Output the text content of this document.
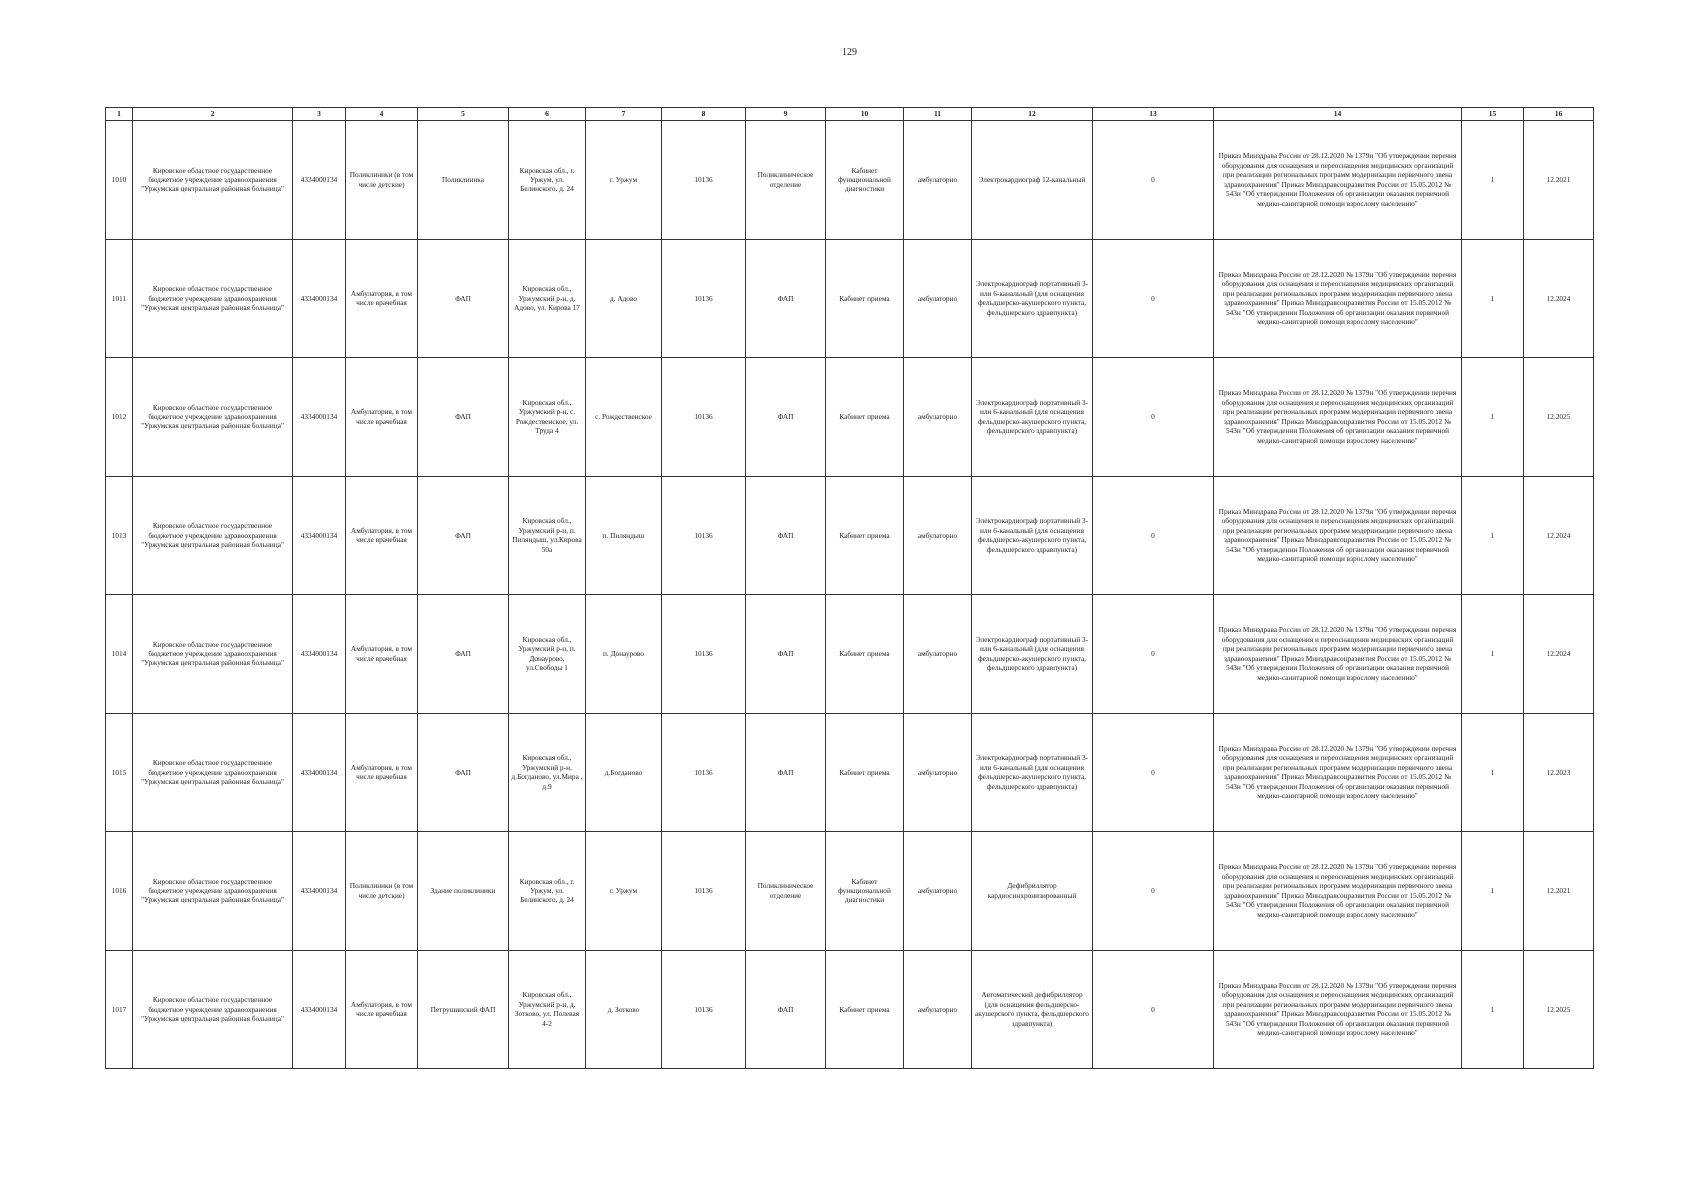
129
1	2	3	4	5	6	7	8	9	10	11	12	13	14	15	16
1010	Кировское областное государственное бюджетное учреждение здравоохранения "Уржумская центральная районная больница"	4334000134	Поликлиники (в том числе детские)	Поликлиника	Кировская обл., г. Уржум, ул. Белинского, д. 24	г. Уржум	10136	Поликлиническое отделение	Кабинет функциональной диагностики	амбулаторно	Электрокардиограф 12-канальный	0	Приказ Минздрава России от 28.12.2020 № 1379н "Об утверждении перечня оборудования для оснащения и переоснащения медицинских организаций при реализации региональных программ модернизации первичного звена здравоохранения" Приказ Минздравсоцразвития России от 15.05.2012 № 543н "Об утверждении Положения об организации оказания первичной медико-санитарной помощи взрослому населению"	1	12.2021
1011	Кировское областное государственное бюджетное учреждение здравоохранения "Уржумская центральная районная больница"	4334000134	Амбулатория, в том числе врачебная	ФАП	Кировская обл., Уржумский р-н, д. Адово, ул. Кирова 17	д. Адово	10136	ФАП	Кабинет приема	амбулаторно	Электрокардиограф портативный 3- или 6-канальный (для оснащения фельдшерско-акушерского пункта, фельдшерского здравпункта)	0	Приказ Минздрава России от 28.12.2020 № 1379н "Об утверждении перечня оборудования для оснащения и переоснащения медицинских организаций при реализации региональных программ модернизации первичного звена здравоохранения" Приказ Минздравсоцразвития России от 15.05.2012 № 543н "Об утверждении Положения об организации оказания первичной медико-санитарной помощи взрослому населению"	1	12.2024
1012	Кировское областное государственное бюджетное учреждение здравоохранения "Уржумская центральная районная больница"	4334000134	Амбулатория, в том числе врачебная	ФАП	Кировская обл., Уржумский р-н, с. Рождественское, ул. Труда 4	с. Рождественское	10136	ФАП	Кабинет приема	амбулаторно	Электрокардиограф портативный 3- или 6-канальный (для оснащения фельдшерско-акушерского пункта, фельдшерского здравпункта)	0	Приказ Минздрава России от 28.12.2020 № 1379н "Об утверждении перечня оборудования для оснащения и переоснащения медицинских организаций при реализации региональных программ модернизации первичного звена здравоохранения" Приказ Минздравсоцразвития России от 15.05.2012 № 543н "Об утверждении Положения об организации оказания первичной медико-санитарной помощи взрослому населению"	1	12.2025
1013	Кировское областное государственное бюджетное учреждение здравоохранения "Уржумская центральная районная больница"	4334000134	Амбулатория, в том числе врачебная	ФАП	Кировская обл., Уржумский р-н, п. Пиляндыш, ул.Кирова 50а	п. Пиляндыш	10136	ФАП	Кабинет приема	амбулаторно	Электрокардиограф портативный 3- или 6-канальный (для оснащения фельдшерско-акушерского пункта, фельдшерского здравпункта)	0	Приказ Минздрава России от 28.12.2020 № 1379н "Об утверждении перечня оборудования для оснащения и переоснащения медицинских организаций при реализации региональных программ модернизации первичного звена здравоохранения" Приказ Минздравсоцразвития России от 15.05.2012 № 543н "Об утверждении Положения об организации оказания первичной медико-санитарной помощи взрослому населению"	1	12.2024
1014	Кировское областное государственное бюджетное учреждение здравоохранения "Уржумская центральная районная больница"	4334000134	Амбулатория, в том числе врачебная	ФАП	Кировская обл., Уржумский р-н, п. Донаурово, ул.Свободы 1	п. Донаурово	10136	ФАП	Кабинет приема	амбулаторно	Электрокардиограф портативный 3- или 6-канальный (для оснащения фельдшерско-акушерского пункта, фельдшерского здравпункта)	0	Приказ Минздрава России от 28.12.2020 № 1379н "Об утверждении перечня оборудования для оснащения и переоснащения медицинских организаций при реализации региональных программ модернизации первичного звена здравоохранения" Приказ Минздравсоцразвития России от 15.05.2012 № 543н "Об утверждении Положения об организации оказания первичной медико-санитарной помощи взрослому населению"	1	12.2024
1015	Кировское областное государственное бюджетное учреждение здравоохранения "Уржумская центральная районная больница"	4334000134	Амбулатория, в том числе врачебная	ФАП	Кировская обл., Уржумский р-н, д.Богданово, ул.Мира , д.9	д.Богданово	10136	ФАП	Кабинет приема	амбулаторно	Электрокардиограф портативный 3- или 6-канальный (для оснащения фельдшерско-акушерского пункта, фельдшерского здравпункта)	0	Приказ Минздрава России от 28.12.2020 № 1379н "Об утверждении перечня оборудования для оснащения и переоснащения медицинских организаций при реализации региональных программ модернизации первичного звена здравоохранения" Приказ Минздравсоцразвития России от 15.05.2012 № 543н "Об утверждении Положения об организации оказания первичной медико-санитарной помощи взрослому населению"	1	12.2023
1016	Кировское областное государственное бюджетное учреждение здравоохранения "Уржумская центральная районная больница"	4334000134	Поликлиники (в том числе детские)	Здание поликлиники	Кировская обл., г. Уржум, ул. Белинского, д. 24	г. Уржум	10136	Поликлиническое отделение	Кабинет функциональной диагностики	амбулаторно	Дефибриллятор кардиосинхронизированный	0	Приказ Минздрава России от 28.12.2020 № 1379н "Об утверждении перечня оборудования для оснащения и переоснащения медицинских организаций при реализации региональных программ модернизации первичного звена здравоохранения" Приказ Минздравсоцразвития России от 15.05.2012 № 543н "Об утверждении Положения об организации оказания первичной медико-санитарной помощи взрослому населению"	1	12.2021
1017	Кировское областное государственное бюджетное учреждение здравоохранения "Уржумская центральная районная больница"	4334000134	Амбулатория, в том числе врачебная	Петрушинский ФАП	Кировская обл., Уржумский р-н, д. Зотково, ул. Полевая 4-2	д. Зотково	10136	ФАП	Кабинет приема	амбулаторно	Автоматический дефибриллятор (для оснащения фельдшерско-акушерского пункта, фельдшерского здравпункта)	0	Приказ Минздрава России от 28.12.2020 № 1379н "Об утверждении перечня оборудования для оснащения и переоснащения медицинских организаций при реализации региональных программ модернизации первичного звена здравоохранения" Приказ Минздравсоцразвития России от 15.05.2012 № 543н "Об утверждении Положения об организации оказания первичной медико-санитарной помощи взрослому населению"	1	12.2025
